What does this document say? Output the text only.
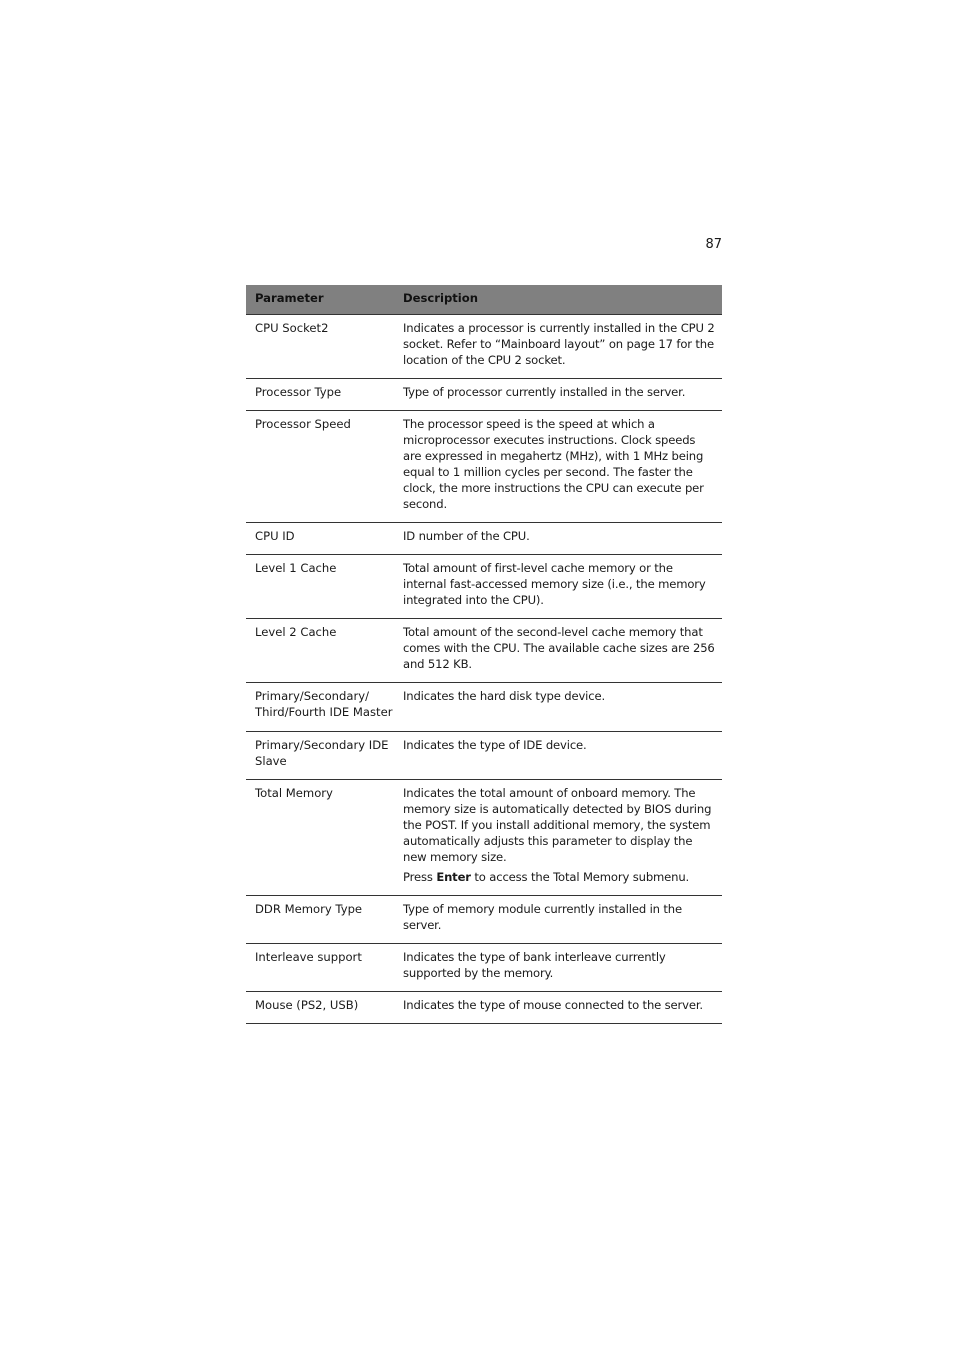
87
Parameter	Description
CPU Socket2	Indicates a processor is currently installed in the CPU 2 socket. Refer to “Mainboard layout” on page 17 for the location of the CPU 2 socket.
Processor Type	Type of processor currently installed in the server.
Processor Speed	The processor speed is the speed at which a microprocessor executes instructions. Clock speeds are expressed in megahertz (MHz), with 1 MHz being equal to 1 million cycles per second. The faster the clock, the more instructions the CPU can execute per second.
CPU ID	ID number of the CPU.
Level 1 Cache	Total amount of first-level cache memory or the internal fast-accessed memory size (i.e., the memory integrated into the CPU).
Level 2 Cache	Total amount of the second-level cache memory that comes with the CPU. The available cache sizes are 256 and 512 KB.
Primary/Secondary/ Third/Fourth IDE Master	Indicates the hard disk type device.
Primary/Secondary IDE Slave	Indicates the type of IDE device.
Total Memory	Indicates the total amount of onboard memory. The memory size is automatically detected by BIOS during the POST. If you install additional memory, the system automatically adjusts this parameter to display the new memory size.
Press Enter to access the Total Memory submenu.

DDR Memory Type	Type of memory module currently installed in the server.
Interleave support	Indicates the type of bank interleave currently supported by the memory.
Mouse (PS2, USB)	Indicates the type of mouse connected to the server.
